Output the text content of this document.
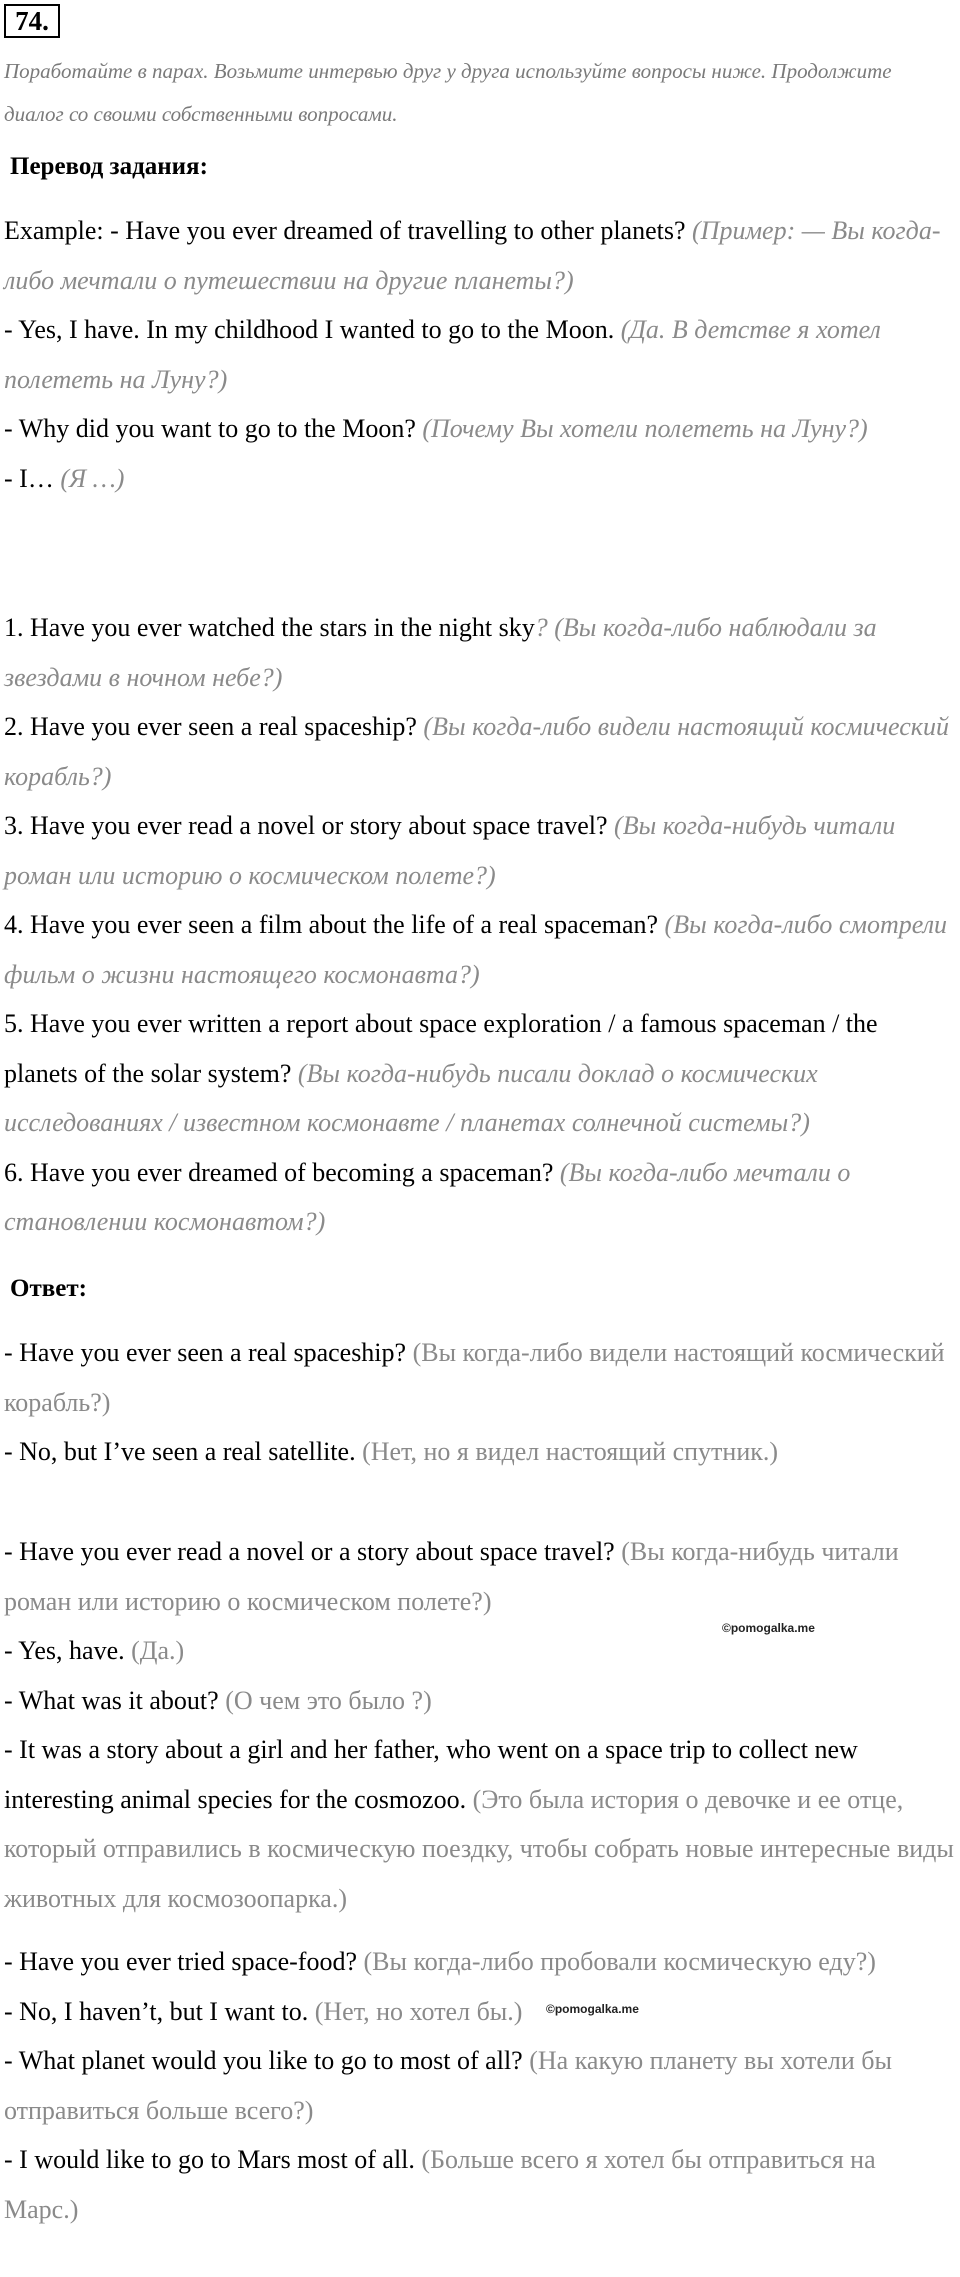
74.
Поработайте в парах. Возьмите интервью друг у друга используйте вопросы ниже. Продолжите диалог со своими собственными вопросами.
Перевод задания:
Example: - Have you ever dreamed of travelling to other planets? (Пример: — Вы когда-либо мечтали о путешествии на другие планеты?)
- Yes, I have. In my childhood I wanted to go to the Moon. (Да. В детстве я хотел полететь на Луну?)
- Why did you want to go to the Moon? (Почему Вы хотели полететь на Луну?)
- I… (Я …)
1. Have you ever watched the stars in the night sky? (Вы когда-либо наблюдали за звездами в ночном небе?)
2. Have you ever seen a real spaceship? (Вы когда-либо видели настоящий космический корабль?)
3. Have you ever read a novel or story about space travel? (Вы когда-нибудь читали роман или историю о космическом полете?)
4. Have you ever seen a film about the life of a real spaceman? (Вы когда-либо смотрели фильм о жизни настоящего космонавта?)
5. Have you ever written a report about space exploration / a famous spaceman / the planets of the solar system? (Вы когда-нибудь писали доклад о космических исследованиях / известном космонавте / планетах солнечной системы?)
6. Have you ever dreamed of becoming a spaceman? (Вы когда-либо мечтали о становлении космонавтом?)
Ответ:
- Have you ever seen a real spaceship? (Вы когда-либо видели настоящий космический корабль?)
- No, but I’ve seen a real satellite. (Нет, но я видел настоящий спутник.)
- Have you ever read a novel or a story about space travel? (Вы когда-нибудь читали роман или историю о космическом полете?)
- Yes, have. (Да.)
- What was it about? (О чем это было ?)
- It was a story about a girl and her father, who went on a space trip to collect new interesting animal species for the cosmozoo. (Это была история о девочке и ее отце, который отправились в космическую поездку, чтобы собрать новые интересные виды животных для космозоопарка.)
- Have you ever tried space-food? (Вы когда-либо пробовали космическую еду?)
- No, I haven’t, but I want to. (Нет, но хотел бы.)
- What planet would you like to go to most of all? (На какую планету вы хотели бы отправиться больше всего?)
- I would like to go to Mars most of all. (Больше всего я хотел бы отправиться на Марс.)
©pomogalka.me
©pomogalka.me
